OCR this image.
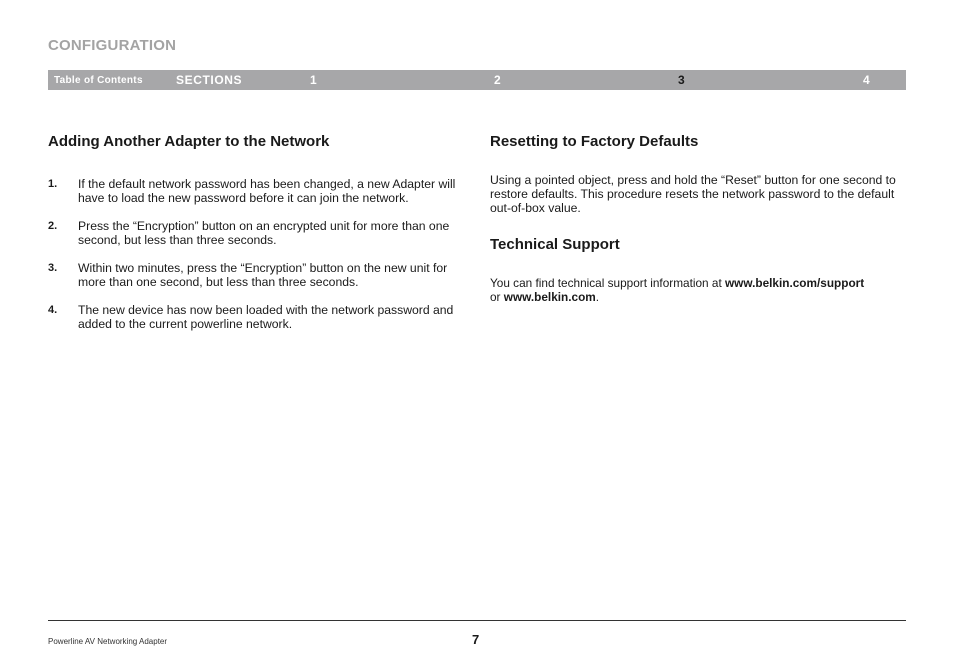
CONFIGURATION
Table of Contents	SECTIONS	1	2	3	4
Adding Another Adapter to the Network
1. If the default network password has been changed, a new Adapter will have to load the new password before it can join the network.
2. Press the “Encryption” button on an encrypted unit for more than one second, but less than three seconds.
3. Within two minutes, press the “Encryption” button on the new unit for more than one second, but less than three seconds.
4. The new device has now been loaded with the network password and added to the current powerline network.
Resetting to Factory Defaults

Using a pointed object, press and hold the “Reset” button for one second to restore defaults. This procedure resets the network password to the default out-of-box value.

Technical Support

You can find technical support information at www.belkin.com/support
or www.belkin.com.

Powerline AV Networking Adapter	7
